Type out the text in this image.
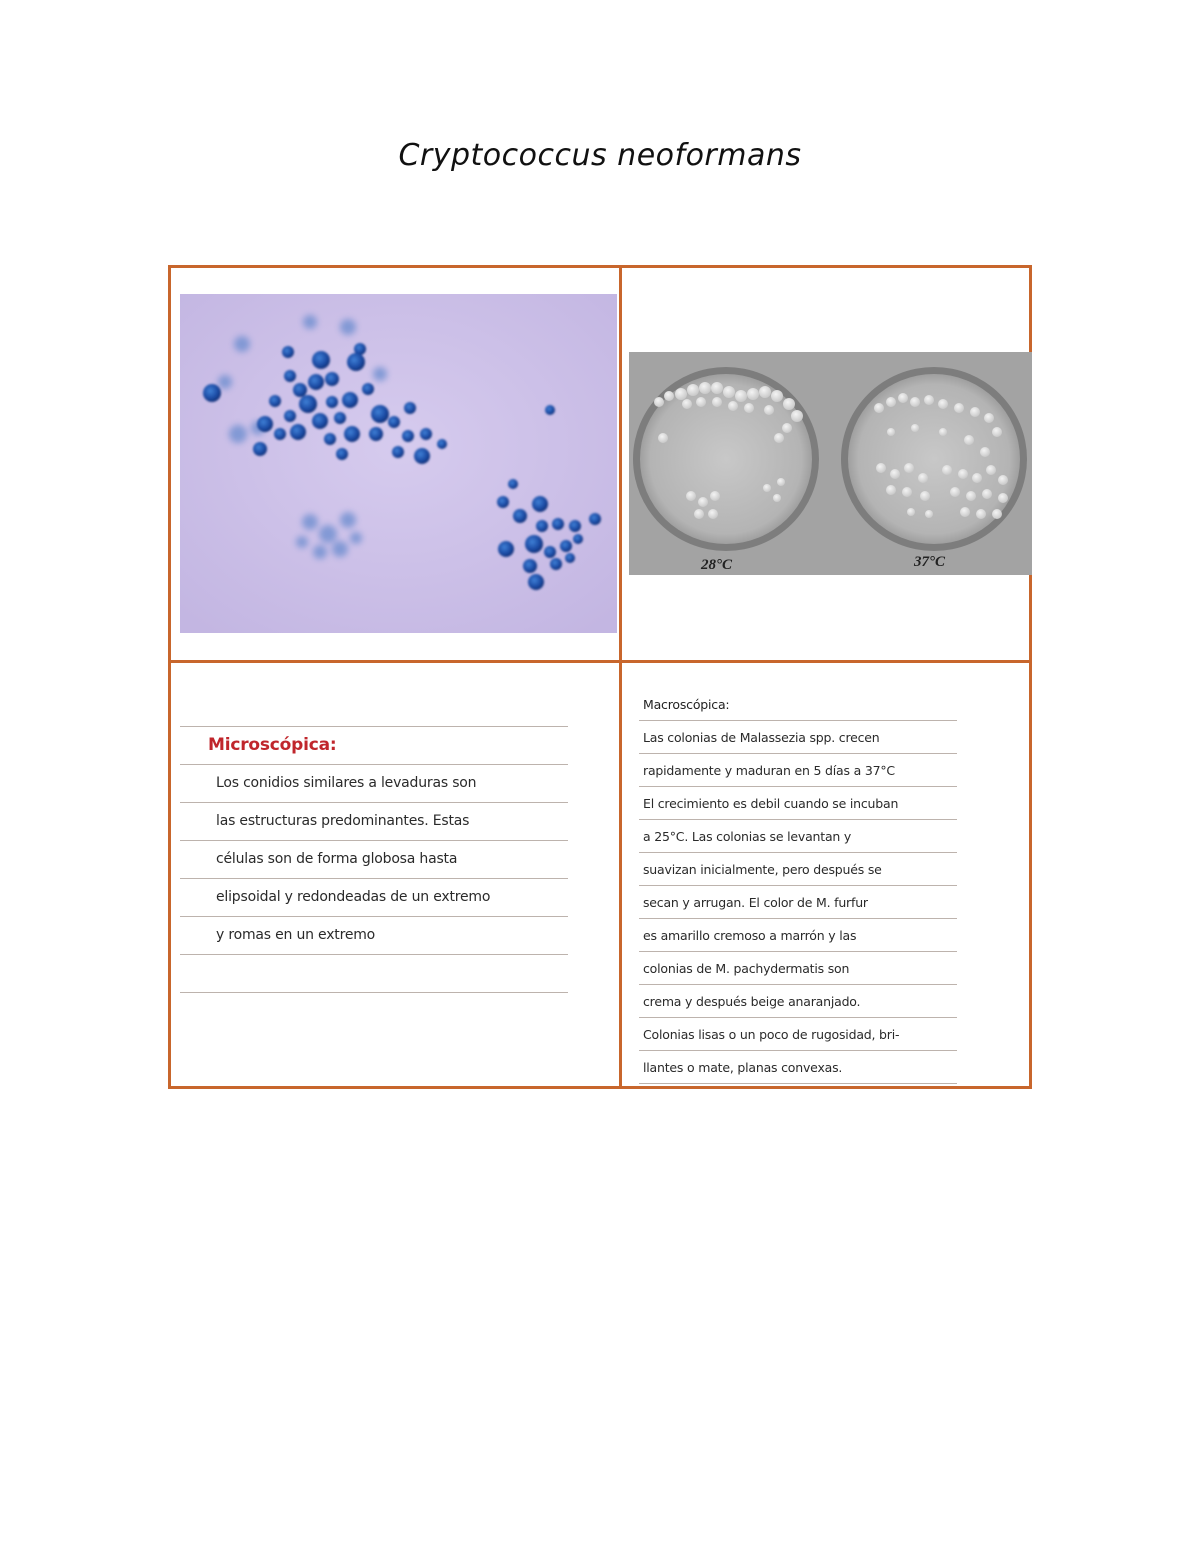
Cryptococcus neoformans
28°C	37°C
Microscópica:
Los conidios similares a levaduras son
las estructuras predominantes. Estas
células son de forma globosa hasta
elipsoidal y redondeadas de un extremo
y romas en un extremo
Macroscópica:
Las colonias de Malassezia spp. crecen
rapidamente y maduran en 5 días a 37°C
El crecimiento es debil cuando se incuban
a 25°C. Las colonias se levantan y
suavizan inicialmente, pero después se
secan y arrugan. El color de M. furfur
es amarillo cremoso a marrón y las
colonias de M. pachydermatis son
crema y después beige anaranjado.
Colonias lisas o un poco de rugosidad, bri-
llantes o mate, planas convexas.
